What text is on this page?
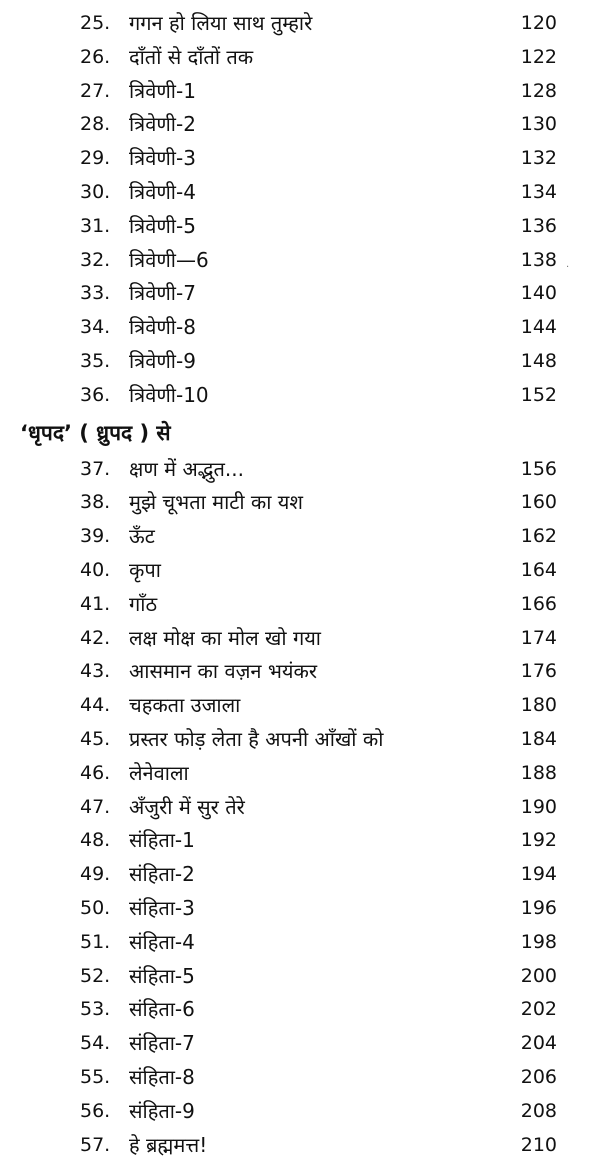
·
25. गगन हो लिया साथ तुम्हारे	120
26. दाँतों से दाँतों तक	122
27. त्रिवेणी-1	128
28. त्रिवेणी-2	130
29. त्रिवेणी-3	132
30. त्रिवेणी-4	134
31. त्रिवेणी-5	136
32. त्रिवेणी—6	138
33. त्रिवेणी-7	140
34. त्रिवेणी-8	144
35. त्रिवेणी-9	148
36. त्रिवेणी-10	152
‘धृपद’ ( ध्रुपद ) से
37. क्षण में अद्भुत...	156
38. मुझे चूभता माटी का यश	160
39. ऊँट	162
40. कृपा	164
41. गाँठ	166
42. लक्ष मोक्ष का मोल खो गया	174
43. आसमान का वज़न भयंकर	176
44. चहकता उजाला	180
45. प्रस्तर फोड़ लेता है अपनी आँखों को	184
46. लेनेवाला	188
47. अँजुरी में सुर तेरे	190
48. संहिता-1	192
49. संहिता-2	194
50. संहिता-3	196
51. संहिता-4	198
52. संहिता-5	200
53. संहिता-6	202
54. संहिता-7	204
55. संहिता-8	206
56. संहिता-9	208
57. हे ब्रह्ममत्त!	210
